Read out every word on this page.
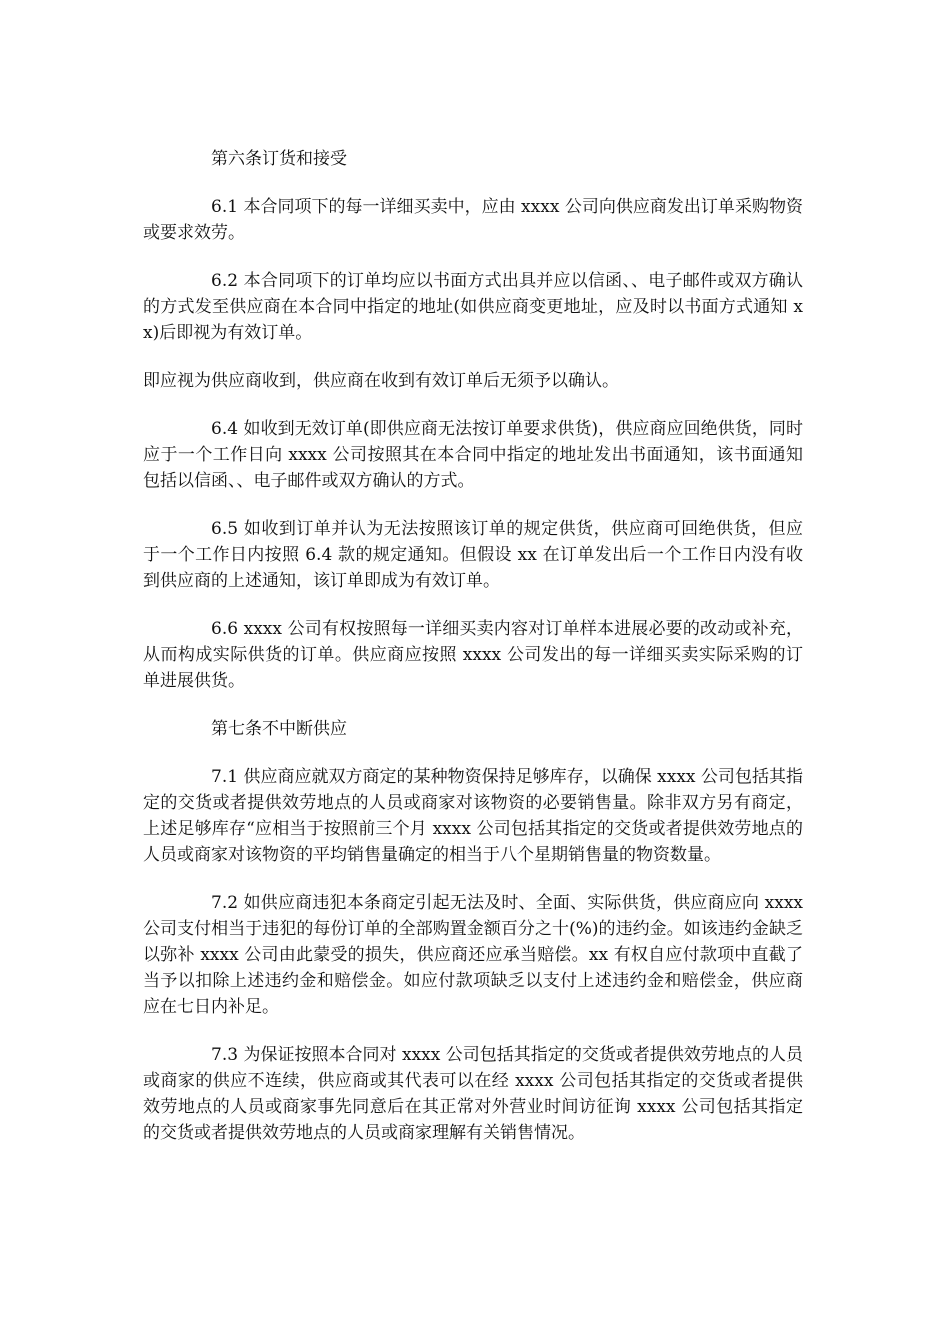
第六条订货和接受

6.1 本合同项下的每一详细买卖中，应由 xxxx 公司向供应商发出订单采购物资或要求效劳。

6.2 本合同项下的订单均应以书面方式出具并应以信函、、电子邮件或双方确认的方式发至供应商在本合同中指定的地址(如供应商变更地址，应及时以书面方式通知 xx)后即视为有效订单。

即应视为供应商收到，供应商在收到有效订单后无须予以确认。

6.4 如收到无效订单(即供应商无法按订单要求供货)，供应商应回绝供货，同时应于一个工作日向 xxxx 公司按照其在本合同中指定的地址发出书面通知，该书面通知包括以信函、、电子邮件或双方确认的方式。

6.5 如收到订单并认为无法按照该订单的规定供货，供应商可回绝供货，但应于一个工作日内按照 6.4 款的规定通知。但假设 xx 在订单发出后一个工作日内没有收到供应商的上述通知，该订单即成为有效订单。

6.6 xxxx 公司有权按照每一详细买卖内容对订单样本进展必要的改动或补充，从而构成实际供货的订单。供应商应按照 xxxx 公司发出的每一详细买卖实际采购的订单进展供货。

第七条不中断供应

7.1 供应商应就双方商定的某种物资保持足够库存，以确保 xxxx 公司包括其指定的交货或者提供效劳地点的人员或商家对该物资的必要销售量。除非双方另有商定，上述足够库存“应相当于按照前三个月 xxxx 公司包括其指定的交货或者提供效劳地点的人员或商家对该物资的平均销售量确定的相当于八个星期销售量的物资数量。

7.2 如供应商违犯本条商定引起无法及时、全面、实际供货，供应商应向 xxxx 公司支付相当于违犯的每份订单的全部购置金额百分之十(%)的违约金。如该违约金缺乏以弥补 xxxx 公司由此蒙受的损失，供应商还应承当赔偿。xx 有权自应付款项中直截了当予以扣除上述违约金和赔偿金。如应付款项缺乏以支付上述违约金和赔偿金，供应商应在七日内补足。

7.3 为保证按照本合同对 xxxx 公司包括其指定的交货或者提供效劳地点的人员或商家的供应不连续，供应商或其代表可以在经 xxxx 公司包括其指定的交货或者提供效劳地点的人员或商家事先同意后在其正常对外营业时间访征询 xxxx 公司包括其指定的交货或者提供效劳地点的人员或商家理解有关销售情况。
